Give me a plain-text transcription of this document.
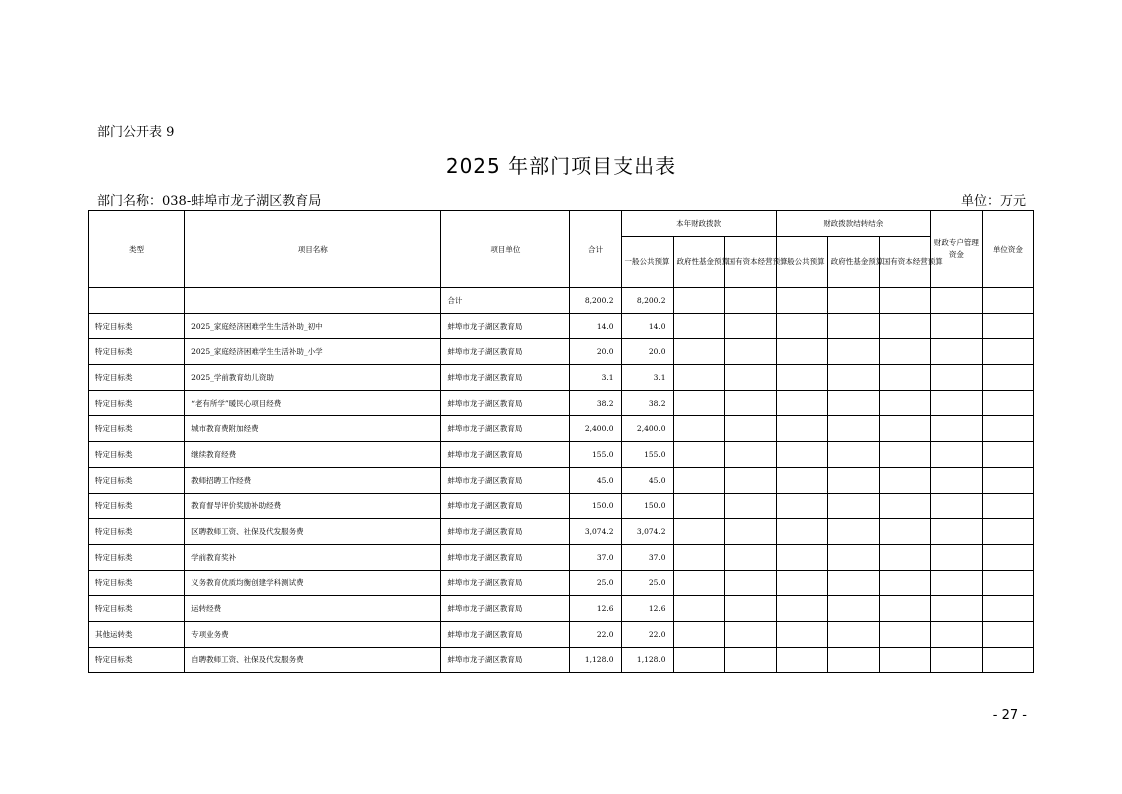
部门公开表 9
2025 年部门项目支出表
部门名称：038-蚌埠市龙子湖区教育局	单位：万元
类型	项目名称	项目单位	合计	本年财政拨款			财政拨款结转结余			财政专户管理资金	单位资金
				一般公共预算	政府性基金预算	国有资本经营预算	一般公共预算	政府性基金预算	国有资本经营预算		
		合计	8,200.2	8,200.2							
特定目标类	2025_家庭经济困难学生生活补助_初中	蚌埠市龙子湖区教育局	14.0	14.0							
特定目标类	2025_家庭经济困难学生生活补助_小学	蚌埠市龙子湖区教育局	20.0	20.0							
特定目标类	2025_学前教育幼儿资助	蚌埠市龙子湖区教育局	3.1	3.1							
特定目标类	“老有所学”暖民心项目经费	蚌埠市龙子湖区教育局	38.2	38.2							
特定目标类	城市教育费附加经费	蚌埠市龙子湖区教育局	2,400.0	2,400.0							
特定目标类	继续教育经费	蚌埠市龙子湖区教育局	155.0	155.0							
特定目标类	教师招聘工作经费	蚌埠市龙子湖区教育局	45.0	45.0							
特定目标类	教育督导评价奖励补助经费	蚌埠市龙子湖区教育局	150.0	150.0							
特定目标类	区聘教师工资、社保及代发服务费	蚌埠市龙子湖区教育局	3,074.2	3,074.2							
特定目标类	学前教育奖补	蚌埠市龙子湖区教育局	37.0	37.0							
特定目标类	义务教育优质均衡创建学科测试费	蚌埠市龙子湖区教育局	25.0	25.0							
特定目标类	运转经费	蚌埠市龙子湖区教育局	12.6	12.6							
其他运转类	专项业务费	蚌埠市龙子湖区教育局	22.0	22.0							
特定目标类	自聘教师工资、社保及代发服务费	蚌埠市龙子湖区教育局	1,128.0	1,128.0							
- 27 -
